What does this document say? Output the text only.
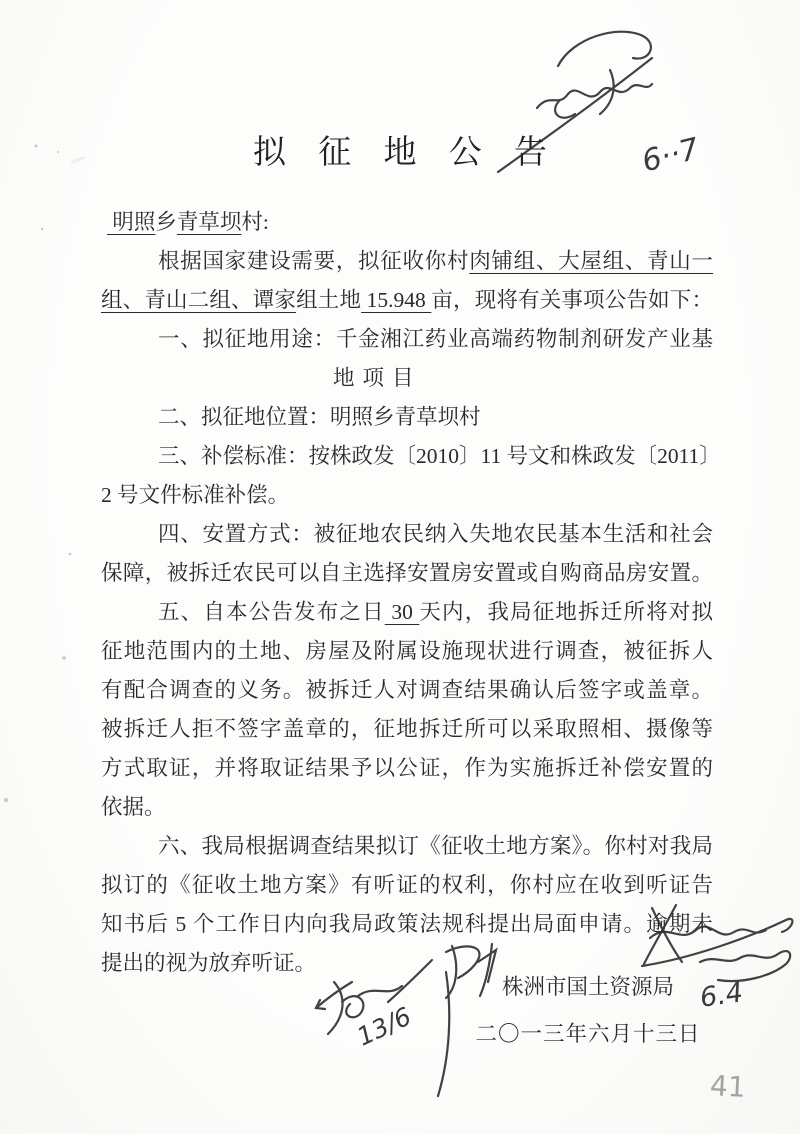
拟 征 地 公 告
明照乡青草坝村:
根据国家建设需要，拟征收你村肉铺组、大屋组、青山一
组、青山二组、谭家组土地 15.948 亩，现将有关事项公告如下：
一、拟征地用途：千金湘江药业高端药物制剂研发产业基
地项目
二、拟征地位置：明照乡青草坝村
三、补偿标准：按株政发〔2010〕11 号文和株政发〔2011〕
2 号文件标准补偿。
四、安置方式：被征地农民纳入失地农民基本生活和社会
保障，被拆迁农民可以自主选择安置房安置或自购商品房安置。
五、自本公告发布之日 30 天内，我局征地拆迁所将对拟
征地范围内的土地、房屋及附属设施现状进行调查，被征拆人
有配合调查的义务。被拆迁人对调查结果确认后签字或盖章。
被拆迁人拒不签字盖章的，征地拆迁所可以采取照相、摄像等
方式取证，并将取证结果予以公证，作为实施拆迁补偿安置的
依据。
六、我局根据调查结果拟订《征收土地方案》。你村对我局
拟订的《征收土地方案》有听证的权利，你村应在收到听证告
知书后 5 个工作日内向我局政策法规科提出局面申请。逾期未
提出的视为放弃听证。
株洲市国土资源局
二〇一三年六月十三日
6··7
6.4
13/6
41
